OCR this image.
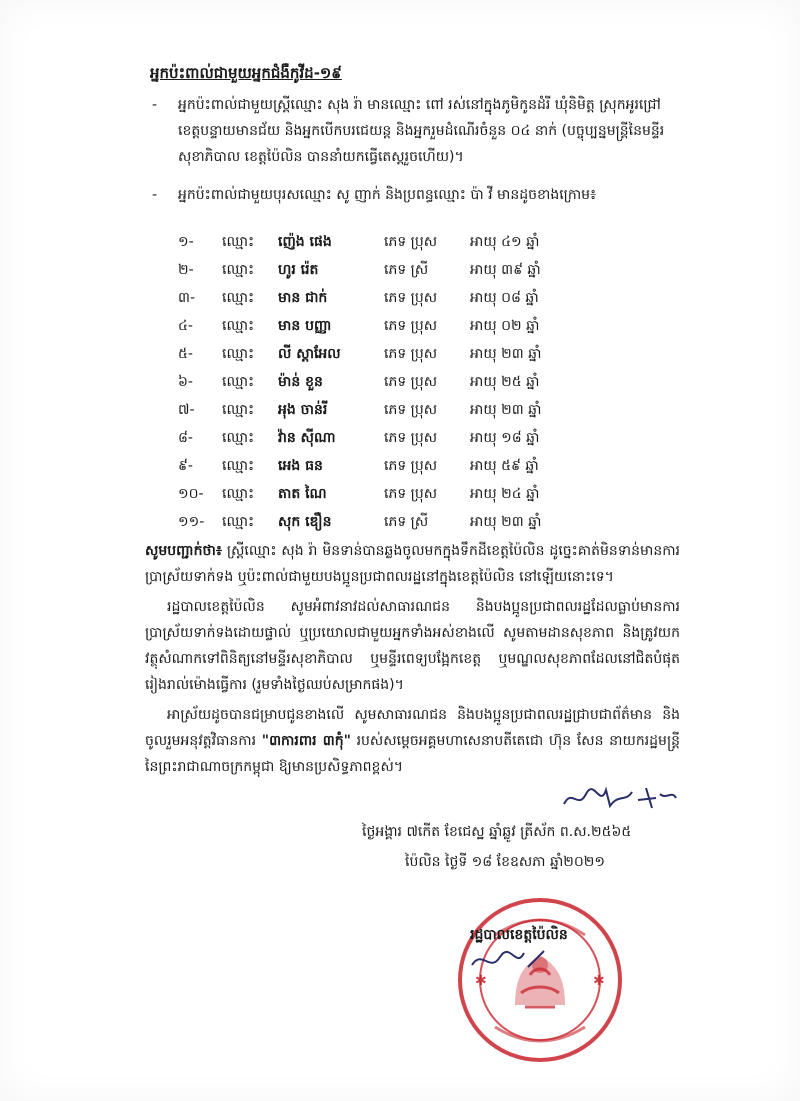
អ្នកប៉ះពាល់ជាមួយអ្នកជំងឺកូវីដ-១៩
- អ្នកប៉ះពាល់ជាមួយស្ត្រីឈ្មោះ សុង រ៉ា មានឈ្មោះ ពៅ រស់នៅក្នុងភូមិកូនដំរី ឃុំនិមិត្ត ស្រុកអូរជ្រៅ ខេត្តបន្ទាយមានជ័យ និងអ្នកបើកបរជេយន្ត និងអ្នករួមដំណើរចំនួន ០៤ នាក់ (បច្ចុប្បន្នមន្ត្រីនៃមន្ទីរសុខាភិបាល ខេត្តប៉ៃលិន បាននាំយកធ្វើតេស្តរួចហើយ)។
- អ្នកប៉ះពាល់ជាមួយបុរសឈ្មោះ សូ ញាក់ និងប្រពន្ធឈ្មោះ ប៉ា វី មានដូចខាងក្រោម៖
១-	ឈ្មោះ	ញ៉េង ផេង	ភេទ ប្រុស	អាយុ ៤១ ឆ្នាំ
២-	ឈ្មោះ	ហូរ រ៉េត	ភេទ ស្រី	អាយុ ៣៩ ឆ្នាំ
៣-	ឈ្មោះ	មាន ជាក់	ភេទ ប្រុស	អាយុ ០៨ ឆ្នាំ
៤-	ឈ្មោះ	មាន បញ្ញា	ភេទ ប្រុស	អាយុ ០២ ឆ្នាំ
៥-	ឈ្មោះ	លី ស្ដាអែល	ភេទ ប្រុស	អាយុ ២៣ ឆ្នាំ
៦-	ឈ្មោះ	ម៉ាន់ ខួន	ភេទ ប្រុស	អាយុ ២៥ ឆ្នាំ
៧-	ឈ្មោះ	អុង ចាន់រី	ភេទ ប្រុស	អាយុ ២៣ ឆ្នាំ
៨-	ឈ្មោះ	វ៉ាន ស៊ីណា	ភេទ ប្រុស	អាយុ ១៨ ឆ្នាំ
៩-	ឈ្មោះ	អេង ធន	ភេទ ប្រុស	អាយុ ៥៩ ឆ្នាំ
១០-	ឈ្មោះ	តាត ណៃ	ភេទ ប្រុស	អាយុ ២៤ ឆ្នាំ
១១-	ឈ្មោះ	សុក ឌឿន	ភេទ ស្រី	អាយុ ២៣ ឆ្នាំ
សូមបញ្ជាក់ថា៖ ស្ត្រីឈ្មោះ សុង រ៉ា មិនទាន់បានឆ្លងចូលមកក្នុងទឹកដីខេត្តប៉ៃលិន ដូច្នេះគាត់មិនទាន់មានការប្រាស្រ័យទាក់ទង ឬប៉ះពាល់ជាមួយបងប្អូនប្រជាពលរដ្ឋនៅក្នុងខេត្តប៉ៃលិន នៅឡើយនោះទេ។
រដ្ឋបាលខេត្តប៉ៃលិន សូមអំពាវនាវដល់សាធារណជន និងបងប្អូនប្រជាពលរដ្ឋដែលធ្លាប់មានការប្រាស្រ័យទាក់ទងដោយផ្ទាល់ ឬប្រយោលជាមួយអ្នកទាំងអស់ខាងលើ សូមតាមដានសុខភាព និងត្រូវយកវត្ថុសំណាកទៅពិនិត្យនៅមន្ទីរសុខាភិបាល ឬមន្ទីរពេទ្យបង្អែកខេត្ត ឬមណ្ឌលសុខភាពដែលនៅជិតបំផុត រៀងរាល់ម៉ោងធ្វើការ (រួមទាំងថ្ងៃឈប់សម្រាកផង)។
អាស្រ័យដូចបានជម្រាបជូនខាងលើ សូមសាធារណជន និងបងប្អូនប្រជាពលរដ្ឋជ្រាបជាព័ត៌មាន និងចូលរួមអនុវត្តវិធានការ "៣ការពារ ៣កុំ" របស់សម្តេចអគ្គមហាសេនាបតីតេជោ ហ៊ុន សែន នាយករដ្ឋមន្ត្រី នៃព្រះរាជាណាចក្រកម្ពុជា ឱ្យមានប្រសិទ្ធភាពខ្ពស់។
ថ្ងៃអង្គារ ៧កើត ខែជេស្ឋ ឆ្នាំឆ្លូវ ត្រីស័ក ព.ស.២៥៦៥
ប៉ៃលិន ថ្ងៃទី ១៨ ខែឧសភា ឆ្នាំ២០២១
✱	✱
រដ្ឋបាលខេត្តប៉ៃលិន
